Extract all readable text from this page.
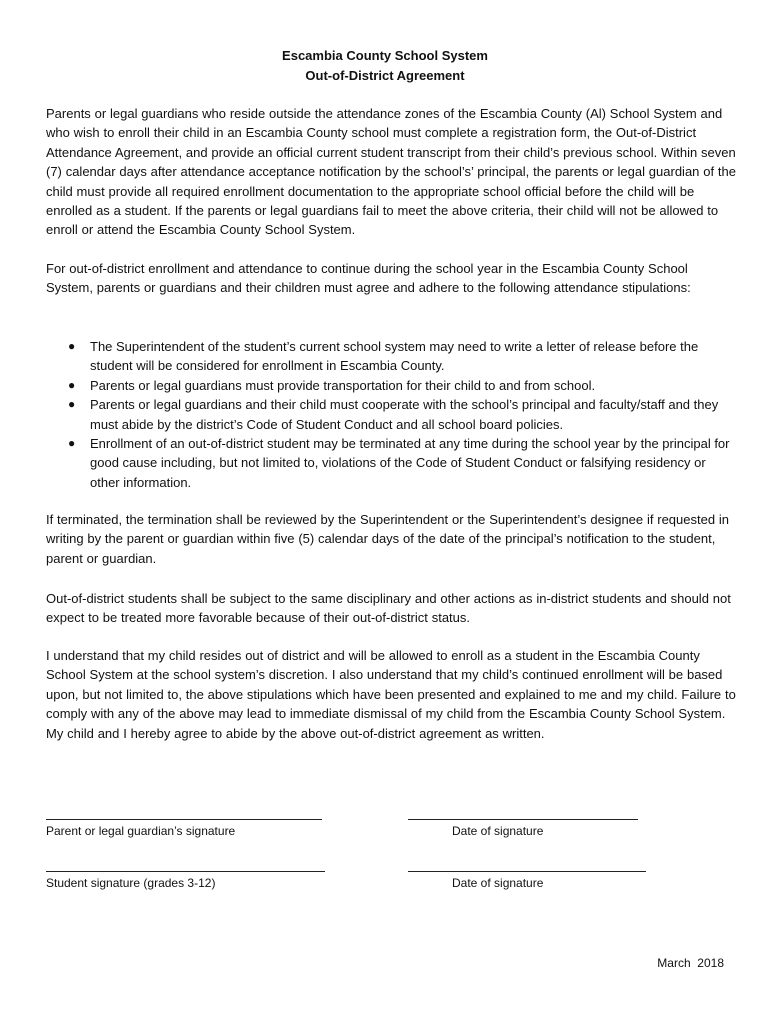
Escambia County School System
Out-of-District Agreement

Parents or legal guardians who reside outside the attendance zones of the Escambia County (Al) School System and who wish to enroll their child in an Escambia County school must complete a registration form, the Out-of-District Attendance Agreement, and provide an official current student transcript from their child’s previous school. Within seven (7) calendar days after attendance acceptance notification by the school’s’ principal, the parents or legal guardian of the child must provide all required enrollment documentation to the appropriate school official before the child will be enrolled as a student. If the parents or legal guardians fail to meet the above criteria, their child will not be allowed to enroll or attend the Escambia County School System.

For out-of-district enrollment and attendance to continue during the school year in the Escambia County School System, parents or guardians and their children must agree and adhere to the following attendance stipulations:

● The Superintendent of the student’s current school system may need to write a letter of release before the student will be considered for enrollment in Escambia County.
● Parents or legal guardians must provide transportation for their child to and from school.
● Parents or legal guardians and their child must cooperate with the school’s principal and faculty/staff and they must abide by the district’s Code of Student Conduct and all school board policies.
● Enrollment of an out-of-district student may be terminated at any time during the school year by the principal for good cause including, but not limited to, violations of the Code of Student Conduct or falsifying residency or other information.

If terminated, the termination shall be reviewed by the Superintendent or the Superintendent’s designee if requested in writing by the parent or guardian within five (5) calendar days of the date of the principal’s notification to the student, parent or guardian.

Out-of-district students shall be subject to the same disciplinary and other actions as in-district students and should not expect to be treated more favorable because of their out-of-district status.

I understand that my child resides out of district and will be allowed to enroll as a student in the Escambia County School System at the school system’s discretion. I also understand that my child’s continued enrollment will be based upon, but not limited to, the above stipulations which have been presented and explained to me and my child. Failure to comply with any of the above may lead to immediate dismissal of my child from the Escambia County School System. My child and I hereby agree to abide by the above out-of-district agreement as written.

Parent or legal guardian’s signature	Date of signature
Student signature (grades 3-12)	Date of signature
March  2018
